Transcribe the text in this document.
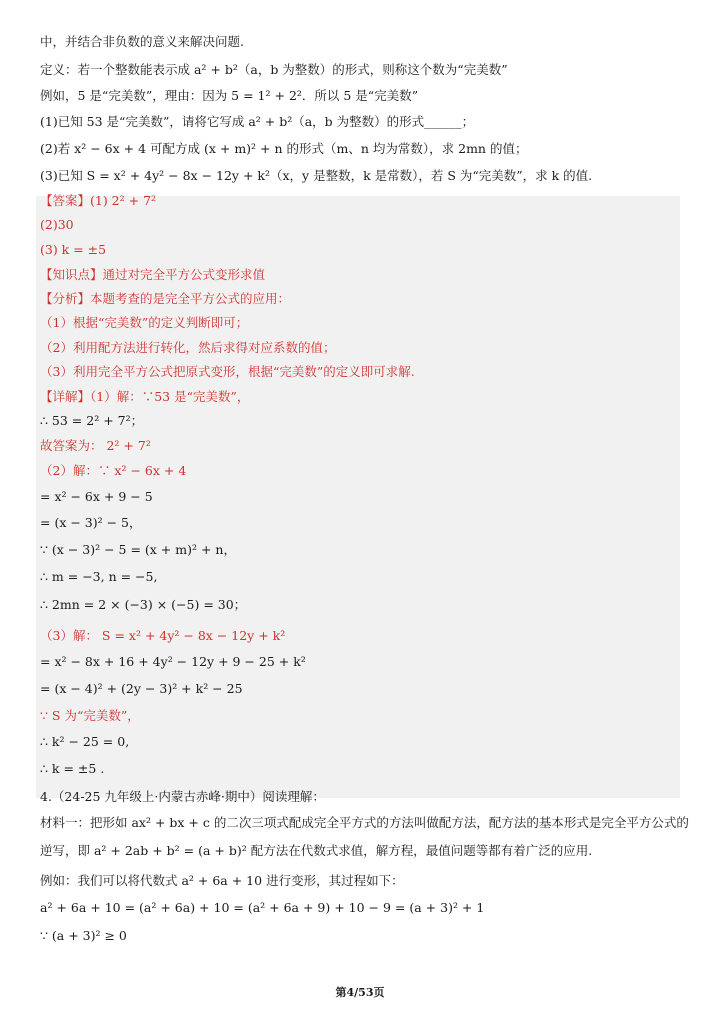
中，并结合非负数的意义来解决问题.
定义：若一个整数能表示成 a² + b²（a，b 为整数）的形式，则称这个数为“完美数”
例如，5 是“完美数”，理由：因为 5 = 1² + 2²．所以 5 是“完美数”
(1)已知 53 是“完美数”，请将它写成 a² + b²（a，b 为整数）的形式______；
(2)若 x² − 6x + 4 可配方成 (x + m)² + n 的形式（m、n 均为常数），求 2mn 的值；
(3)已知 S = x² + 4y² − 8x − 12y + k²（x，y 是整数，k 是常数），若 S 为“完美数”，求 k 的值.
【答案】(1) 2² + 7²
(2)30
(3) k = ±5
【知识点】通过对完全平方公式变形求值
【分析】本题考查的是完全平方公式的应用：
（1）根据“完美数”的定义判断即可；
（2）利用配方法进行转化，然后求得对应系数的值；
（3）利用完全平方公式把原式变形，根据“完美数”的定义即可求解.
【详解】（1）解：∵53 是“完美数”，
∴ 53 = 2² + 7²；
故答案为： 2² + 7²
（2）解：∵ x² − 6x + 4
= x² − 6x + 9 − 5
= (x − 3)² − 5，
∵ (x − 3)² − 5 = (x + m)² + n，
∴ m = −3, n = −5,
∴ 2mn = 2 × (−3) × (−5) = 30；
（3）解： S = x² + 4y² − 8x − 12y + k²
= x² − 8x + 16 + 4y² − 12y + 9 − 25 + k²
= (x − 4)² + (2y − 3)² + k² − 25
∵ S 为“完美数”，
∴ k² − 25 = 0,
∴ k = ±5 .
4.（24-25 九年级上·内蒙古赤峰·期中）阅读理解：
材料一：把形如 ax² + bx + c 的二次三项式配成完全平方式的方法叫做配方法，配方法的基本形式是完全平方公式的
逆写，即 a² + 2ab + b² = (a + b)² 配方法在代数式求值，解方程，最值问题等都有着广泛的应用.
例如：我们可以将代数式 a² + 6a + 10 进行变形，其过程如下：
a² + 6a + 10 = (a² + 6a) + 10 = (a² + 6a + 9) + 10 − 9 = (a + 3)² + 1
∵ (a + 3)² ≥ 0
第4/53页
